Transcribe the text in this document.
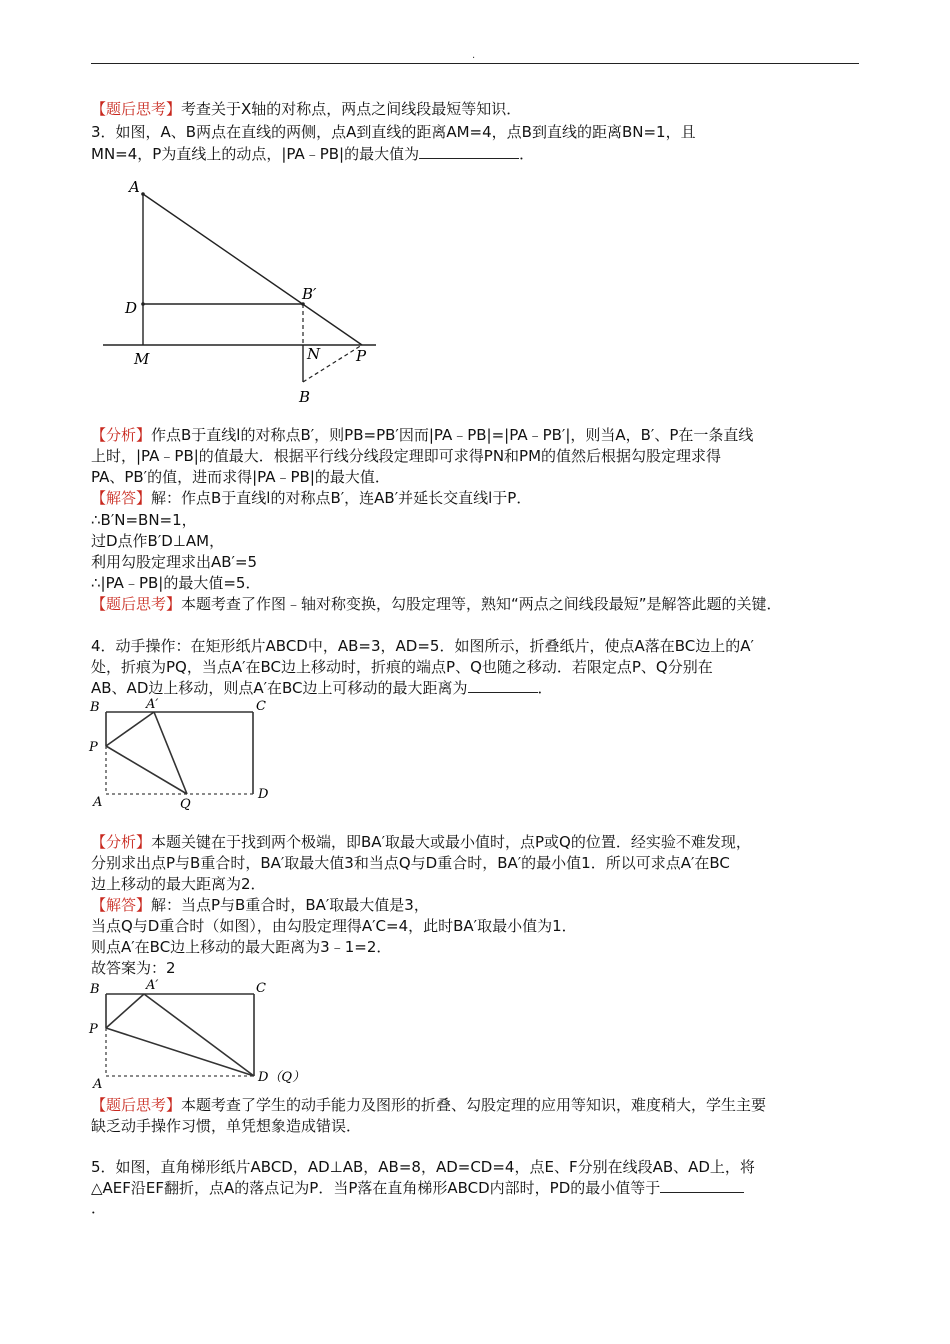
.
【题后思考】考查关于X轴的对称点，两点之间线段最短等知识．
3．如图，A、B两点在直线的两侧，点A到直线的距离AM=4，点B到直线的距离BN=1，且
MN=4，P为直线上的动点，|PA﹣PB|的最大值为	．
A
B′
D
M	N P
B
【分析】作点B于直线l的对称点B′，则PB=PB′因而|PA﹣PB|=|PA﹣PB′|，则当A，B′、P在一条直线
上时，|PA﹣PB|的值最大．根据平行线分线段定理即可求得PN和PM的值然后根据勾股定理求得
PA、PB′的值，进而求得|PA﹣PB|的最大值．
【解答】解：作点B于直线l的对称点B′，连AB′并延长交直线l于P．
∴B′N=BN=1，
过D点作B′D⊥AM，
利用勾股定理求出AB′=5
∴|PA﹣PB|的最大值=5．
【题后思考】本题考查了作图﹣轴对称变换，勾股定理等，熟知“两点之间线段最短”是解答此题的关键．
4．动手操作：在矩形纸片ABCD中，AB=3，AD=5．如图所示，折叠纸片，使点A落在BC边上的A′
处，折痕为PQ，当点A′在BC边上移动时，折痕的端点P、Q也随之移动．若限定点P、Q分别在
AB、AD边上移动，则点A′在BC边上可移动的最大距离为	．
B	A′	C
P
A	Q
D
【分析】本题关键在于找到两个极端，即BA′取最大或最小值时，点P或Q的位置．经实验不难发现，
分别求出点P与B重合时，BA′取最大值3和当点Q与D重合时，BA′的最小值1．所以可求点A′在BC
边上移动的最大距离为2．
【解答】解：当点P与B重合时，BA′取最大值是3，
当点Q与D重合时（如图），由勾股定理得A′C=4，此时BA′取最小值为1．
则点A′在BC边上移动的最大距离为3﹣1=2．
故答案为：2
B	A′	C
P
A	D（Q）
【题后思考】本题考查了学生的动手能力及图形的折叠、勾股定理的应用等知识，难度稍大，学生主要
缺乏动手操作习惯，单凭想象造成错误．
5．如图，直角梯形纸片ABCD，AD⊥AB，AB=8，AD=CD=4，点E、F分别在线段AB、AD上，将
△AEF沿EF翻折，点A的落点记为P．当P落在直角梯形ABCD内部时，PD的最小值等于
．
